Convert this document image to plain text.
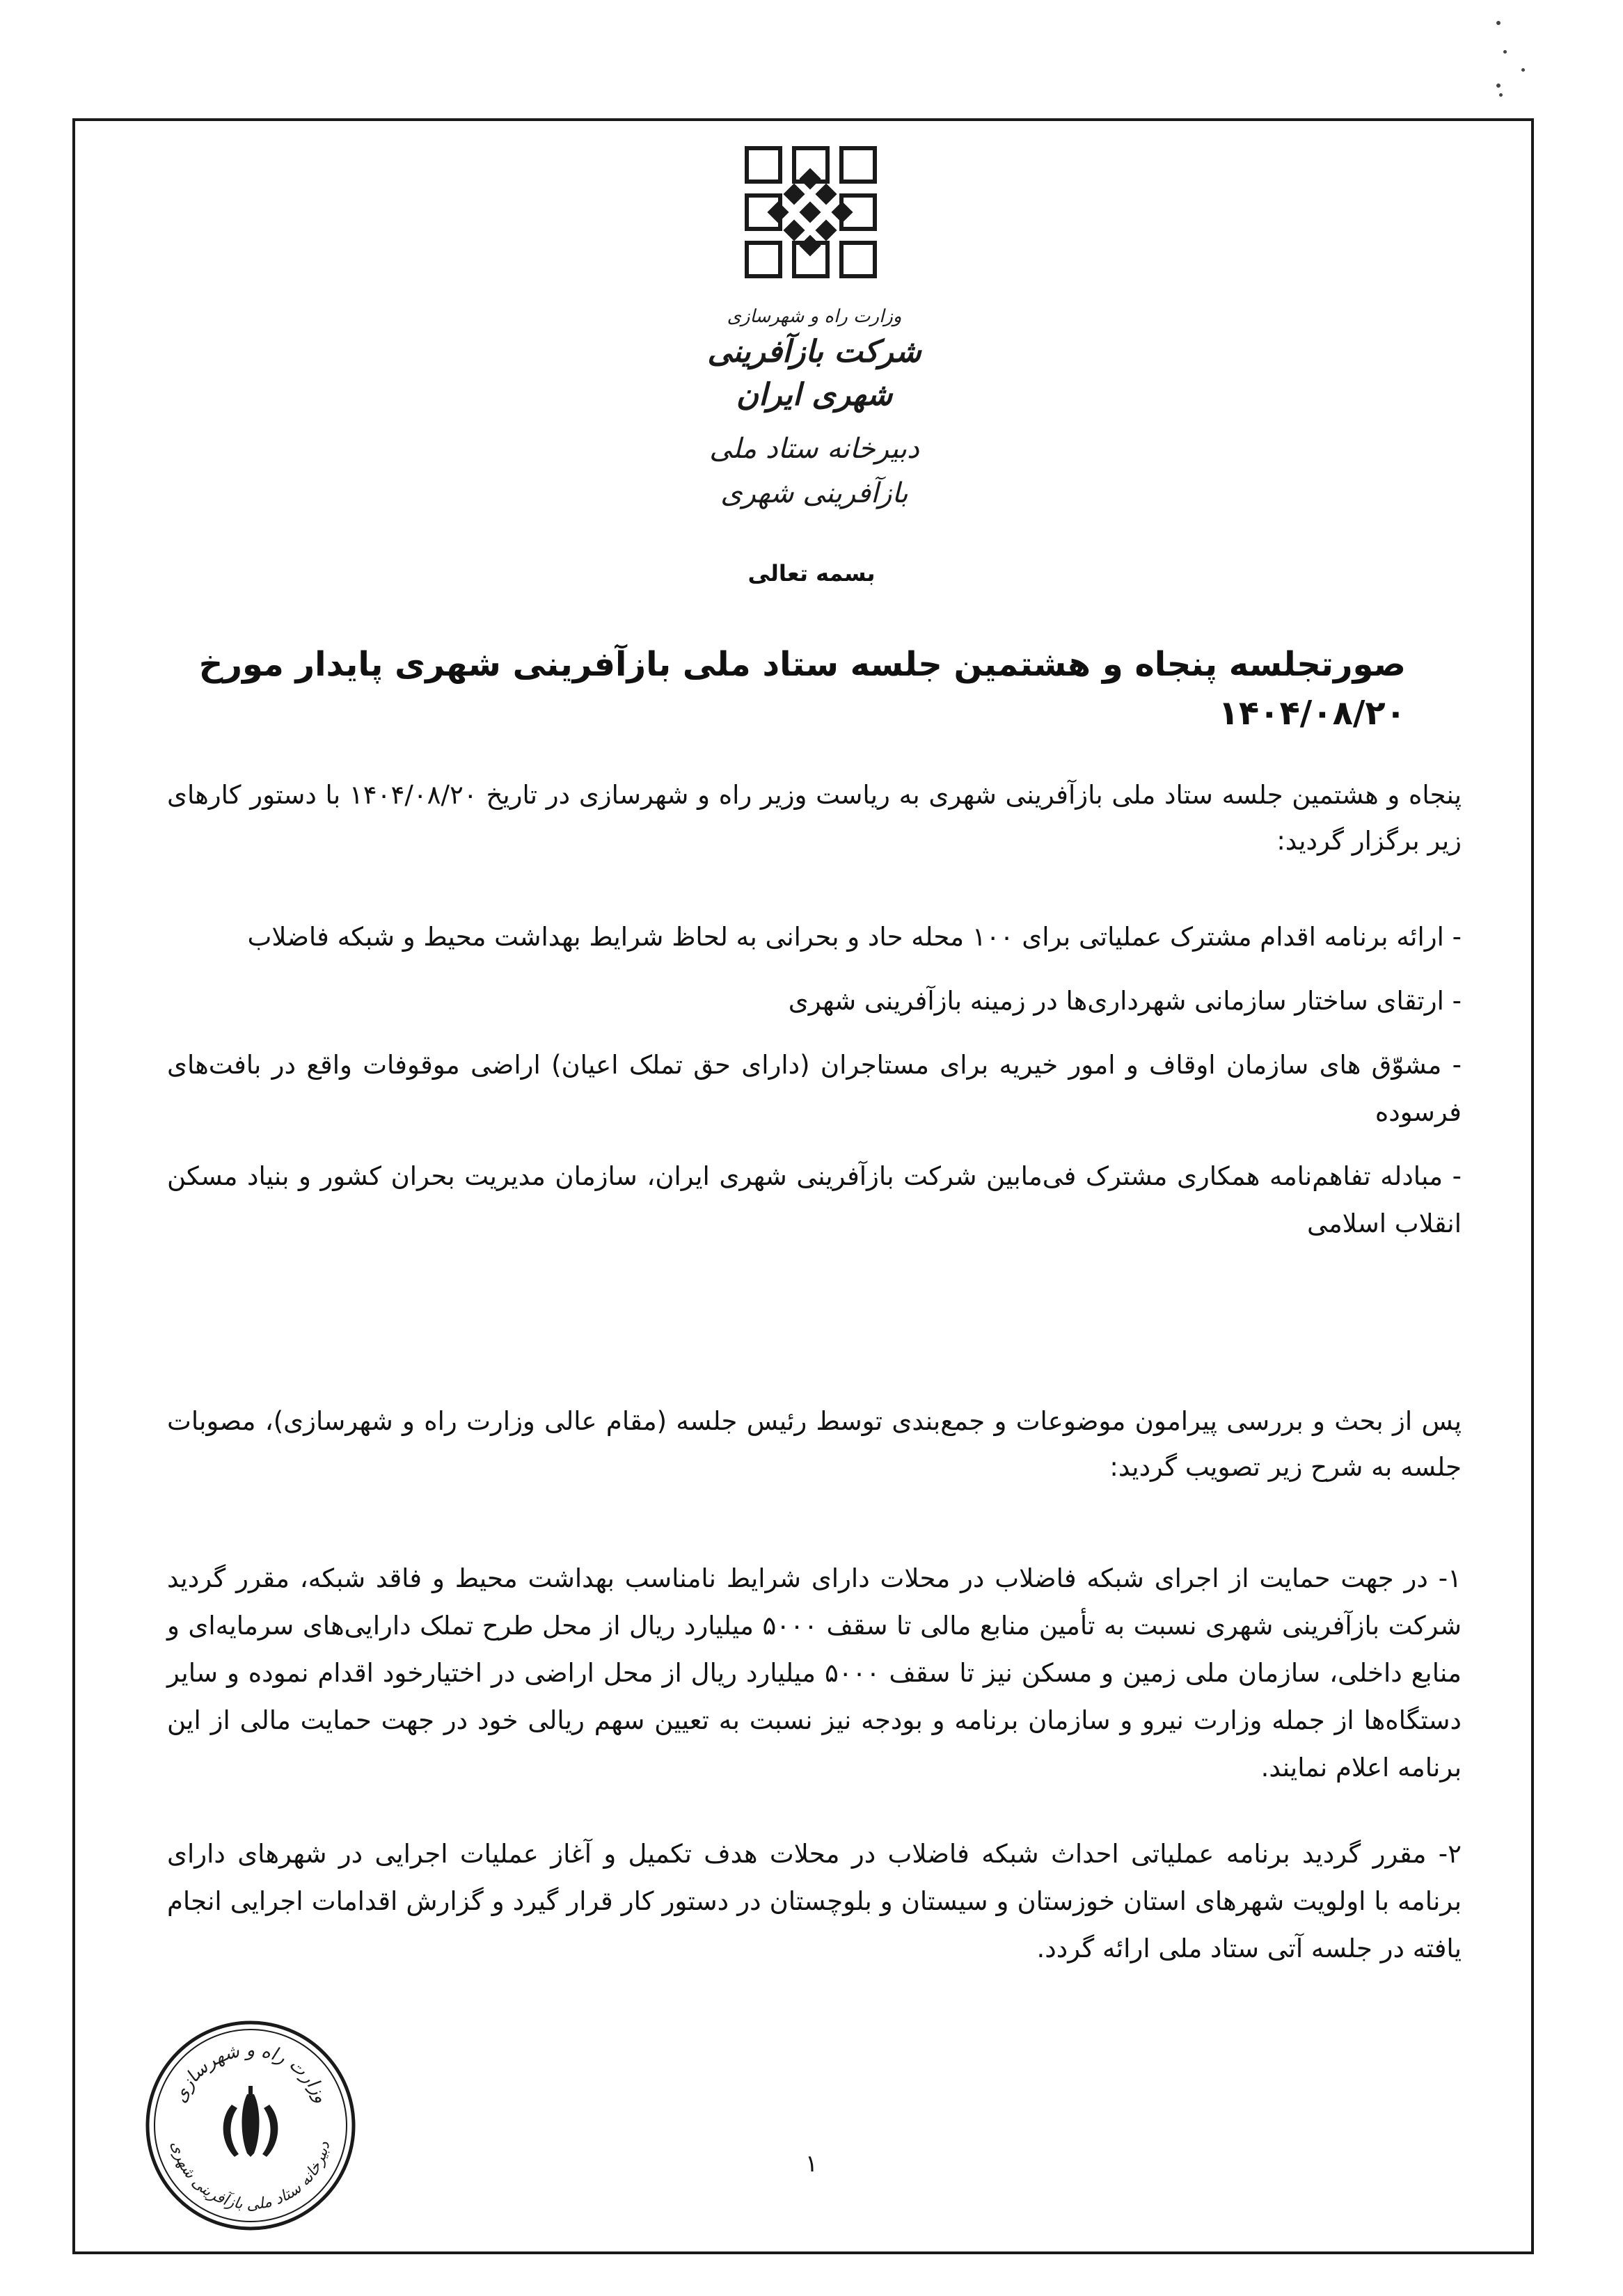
وزارت راه و شهرسازی
شرکت بازآفرینی شهری ایران
دبیرخانه ستاد ملی بازآفرینی شهری
بسمه تعالی
صورتجلسه پنجاه و هشتمین جلسه ستاد ملی بازآفرینی شهری پایدار مورخ ۱۴۰۴/۰۸/۲۰

پنجاه و هشتمین جلسه ستاد ملی بازآفرینی شهری به ریاست وزیر راه و شهرسازی در تاریخ ۱۴۰۴/۰۸/۲۰ با دستور کارهای زیر برگزار گردید:

- ارائه برنامه اقدام مشترک عملیاتی برای ۱۰۰ محله حاد و بحرانی به لحاظ شرایط بهداشت محیط و شبکه فاضلاب
- ارتقای ساختار سازمانی شهرداری‌ها در زمینه بازآفرینی شهری
- مشوّق های سازمان اوقاف و امور خیریه برای مستاجران (دارای حق تملک اعیان) اراضی موقوفات واقع در بافت‌های فرسوده
- مبادله تفاهم‌نامه همکاری مشترک فی‌مابین شرکت بازآفرینی شهری ایران، سازمان مدیریت بحران کشور و بنیاد مسکن انقلاب اسلامی

پس از بحث و بررسی پیرامون موضوعات و جمع‌بندی توسط رئیس جلسه (مقام عالی وزارت راه و شهرسازی)، مصوبات جلسه به شرح زیر تصویب گردید:

۱- در جهت حمایت از اجرای شبکه فاضلاب در محلات دارای شرایط نامناسب بهداشت محیط و فاقد شبکه، مقرر گردید شرکت بازآفرینی شهری نسبت به تأمین منابع مالی تا سقف ۵۰۰۰ میلیارد ریال از محل طرح تملک دارایی‌های سرمایه‌ای و منابع داخلی، سازمان ملی زمین و مسکن نیز تا سقف ۵۰۰۰ میلیارد ریال از محل اراضی در اختیارخود اقدام نموده و سایر دستگاه‌ها از جمله وزارت نیرو و سازمان برنامه و بودجه نیز نسبت به تعیین سهم ریالی خود در جهت حمایت مالی از این برنامه اعلام نمایند.

۲- مقرر گردید برنامه عملیاتی احداث شبکه فاضلاب در محلات هدف تکمیل و آغاز عملیات اجرایی در شهرهای دارای برنامه با اولویت شهرهای استان خوزستان و سیستان و بلوچستان در دستور کار قرار گیرد و گزارش اقدامات اجرایی انجام یافته در جلسه آتی ستاد ملی ارائه گردد.

۱
وزارت راه و شهرسازی
دبیرخانه ستاد ملی بازآفرینی شهری
